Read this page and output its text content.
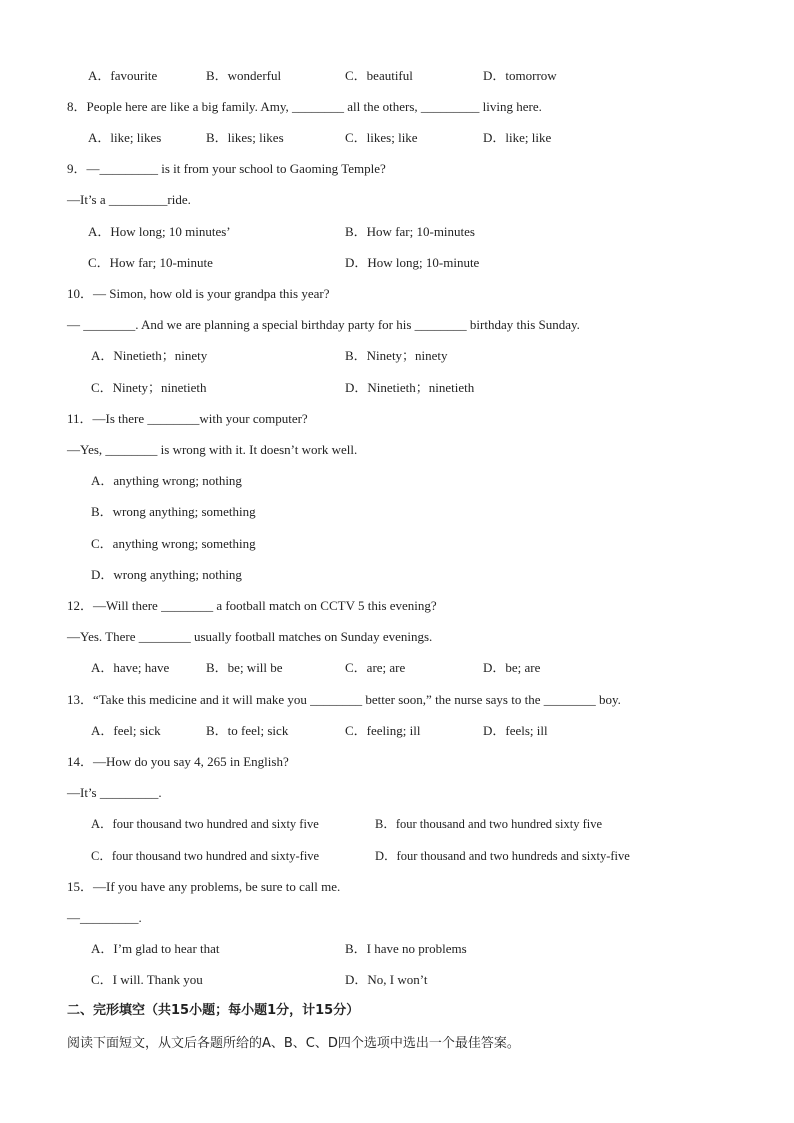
A．favourite	B．wonderful	C．beautiful	D．tomorrow
8．People here are like a big family. Amy, ________ all the others, _________ living here.
A．like; likes	B．likes; likes	C．likes; like	D．like; like
9．—_________ is it from your school to Gaoming Temple?
—It’s a _________ride.
A．How long; 10 minutes’	B．How far; 10-minutes
C．How far; 10-minute	D．How long; 10-minute
10．— Simon, how old is your grandpa this year?
— ________. And we are planning a special birthday party for his ________ birthday this Sunday.
A．Ninetieth；ninety	B．Ninety；ninety
C．Ninety；ninetieth	D．Ninetieth；ninetieth
11．—Is there ________with your computer?
—Yes, ________ is wrong with it. It doesn’t work well.
A．anything wrong; nothing
B．wrong anything; something
C．anything wrong; something
D．wrong anything; nothing
12．—Will there ________ a football match on CCTV 5 this evening?
—Yes. There ________ usually football matches on Sunday evenings.
A．have; have	B．be; will be	C．are; are	D．be; are
13．“Take this medicine and it will make you ________ better soon,” the nurse says to the ________ boy.
A．feel; sick	B．to feel; sick	C．feeling; ill	D．feels; ill
14．—How do you say 4, 265 in English?
—It’s _________.
A．four thousand two hundred and sixty five	B．four thousand and two hundred sixty five
C．four thousand two hundred and sixty-five	D．four thousand and two hundreds and sixty-five
15．—If you have any problems, be sure to call me.
—_________.
A．I’m glad to hear that	B．I have no problems
C．I will. Thank you	D．No, I won’t
二、完形填空（共15小题；每小题1分，计15分）
阅读下面短文，从文后各题所给的A、B、C、D四个选项中选出一个最佳答案。
